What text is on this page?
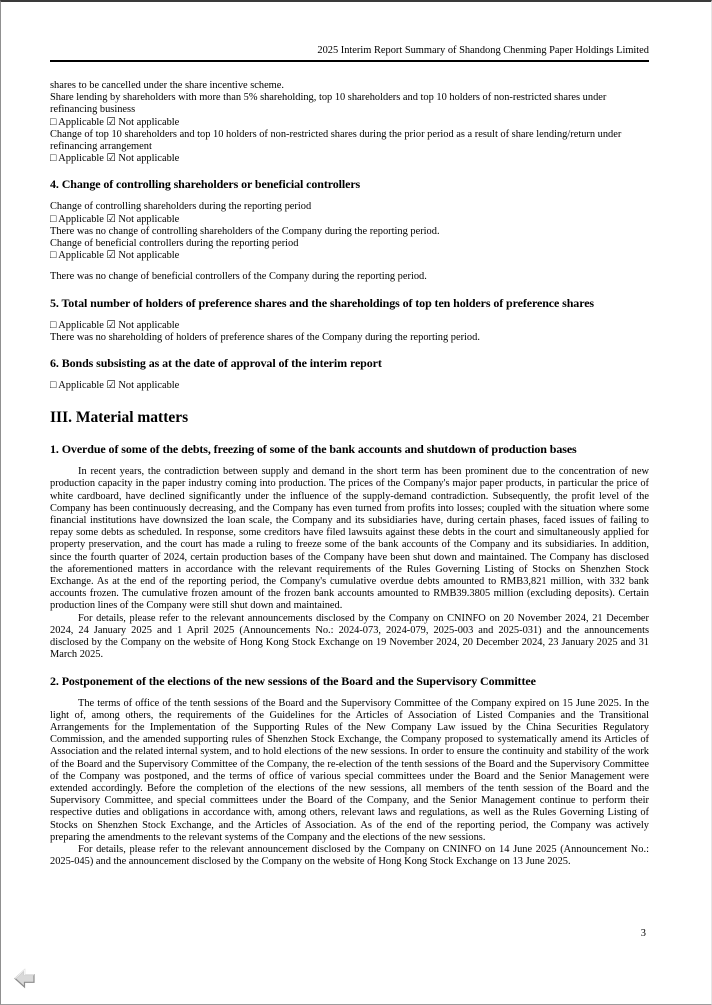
2025 Interim Report Summary of Shandong Chenming Paper Holdings Limited
shares to be cancelled under the share incentive scheme.
Share lending by shareholders with more than 5% shareholding, top 10 shareholders and top 10 holders of non-restricted shares under refinancing business
□ Applicable ☑ Not applicable
Change of top 10 shareholders and top 10 holders of non-restricted shares during the prior period as a result of share lending/return under refinancing arrangement
□ Applicable ☑ Not applicable
4. Change of controlling shareholders or beneficial controllers
Change of controlling shareholders during the reporting period
□ Applicable ☑ Not applicable
There was no change of controlling shareholders of the Company during the reporting period.
Change of beneficial controllers during the reporting period
□ Applicable ☑ Not applicable
There was no change of beneficial controllers of the Company during the reporting period.
5. Total number of holders of preference shares and the shareholdings of top ten holders of preference shares
□ Applicable ☑ Not applicable
There was no shareholding of holders of preference shares of the Company during the reporting period.
6. Bonds subsisting as at the date of approval of the interim report
□ Applicable ☑ Not applicable
III. Material matters
1. Overdue of some of the debts, freezing of some of the bank accounts and shutdown of production bases
In recent years, the contradiction between supply and demand in the short term has been prominent due to the concentration of new production capacity in the paper industry coming into production. The prices of the Company's major paper products, in particular the price of white cardboard, have declined significantly under the influence of the supply-demand contradiction. Subsequently, the profit level of the Company has been continuously decreasing, and the Company has even turned from profits into losses; coupled with the situation where some financial institutions have downsized the loan scale, the Company and its subsidiaries have, during certain phases, faced issues of failing to repay some debts as scheduled. In response, some creditors have filed lawsuits against these debts in the court and simultaneously applied for property preservation, and the court has made a ruling to freeze some of the bank accounts of the Company and its subsidiaries. In addition, since the fourth quarter of 2024, certain production bases of the Company have been shut down and maintained. The Company has disclosed the aforementioned matters in accordance with the relevant requirements of the Rules Governing Listing of Stocks on Shenzhen Stock Exchange. As at the end of the reporting period, the Company's cumulative overdue debts amounted to RMB3,821 million, with 332 bank accounts frozen. The cumulative frozen amount of the frozen bank accounts amounted to RMB39.3805 million (excluding deposits). Certain production lines of the Company were still shut down and maintained.
For details, please refer to the relevant announcements disclosed by the Company on CNINFO on 20 November 2024, 21 December 2024, 24 January 2025 and 1 April 2025 (Announcements No.: 2024-073, 2024-079, 2025-003 and 2025-031) and the announcements disclosed by the Company on the website of Hong Kong Stock Exchange on 19 November 2024, 20 December 2024, 23 January 2025 and 31 March 2025.
2. Postponement of the elections of the new sessions of the Board and the Supervisory Committee
The terms of office of the tenth sessions of the Board and the Supervisory Committee of the Company expired on 15 June 2025. In the light of, among others, the requirements of the Guidelines for the Articles of Association of Listed Companies and the Transitional Arrangements for the Implementation of the Supporting Rules of the New Company Law issued by the China Securities Regulatory Commission, and the amended supporting rules of Shenzhen Stock Exchange, the Company proposed to systematically amend its Articles of Association and the related internal system, and to hold elections of the new sessions. In order to ensure the continuity and stability of the work of the Board and the Supervisory Committee of the Company, the re-election of the tenth sessions of the Board and the Supervisory Committee of the Company was postponed, and the terms of office of various special committees under the Board and the Senior Management were extended accordingly. Before the completion of the elections of the new sessions, all members of the tenth session of the Board and the Supervisory Committee, and special committees under the Board of the Company, and the Senior Management continue to perform their respective duties and obligations in accordance with, among others, relevant laws and regulations, as well as the Rules Governing Listing of Stocks on Shenzhen Stock Exchange, and the Articles of Association. As of the end of the reporting period, the Company was actively preparing the amendments to the relevant systems of the Company and the elections of the new sessions.
For details, please refer to the relevant announcement disclosed by the Company on CNINFO on 14 June 2025 (Announcement No.: 2025-045) and the announcement disclosed by the Company on the website of Hong Kong Stock Exchange on 13 June 2025.
3
